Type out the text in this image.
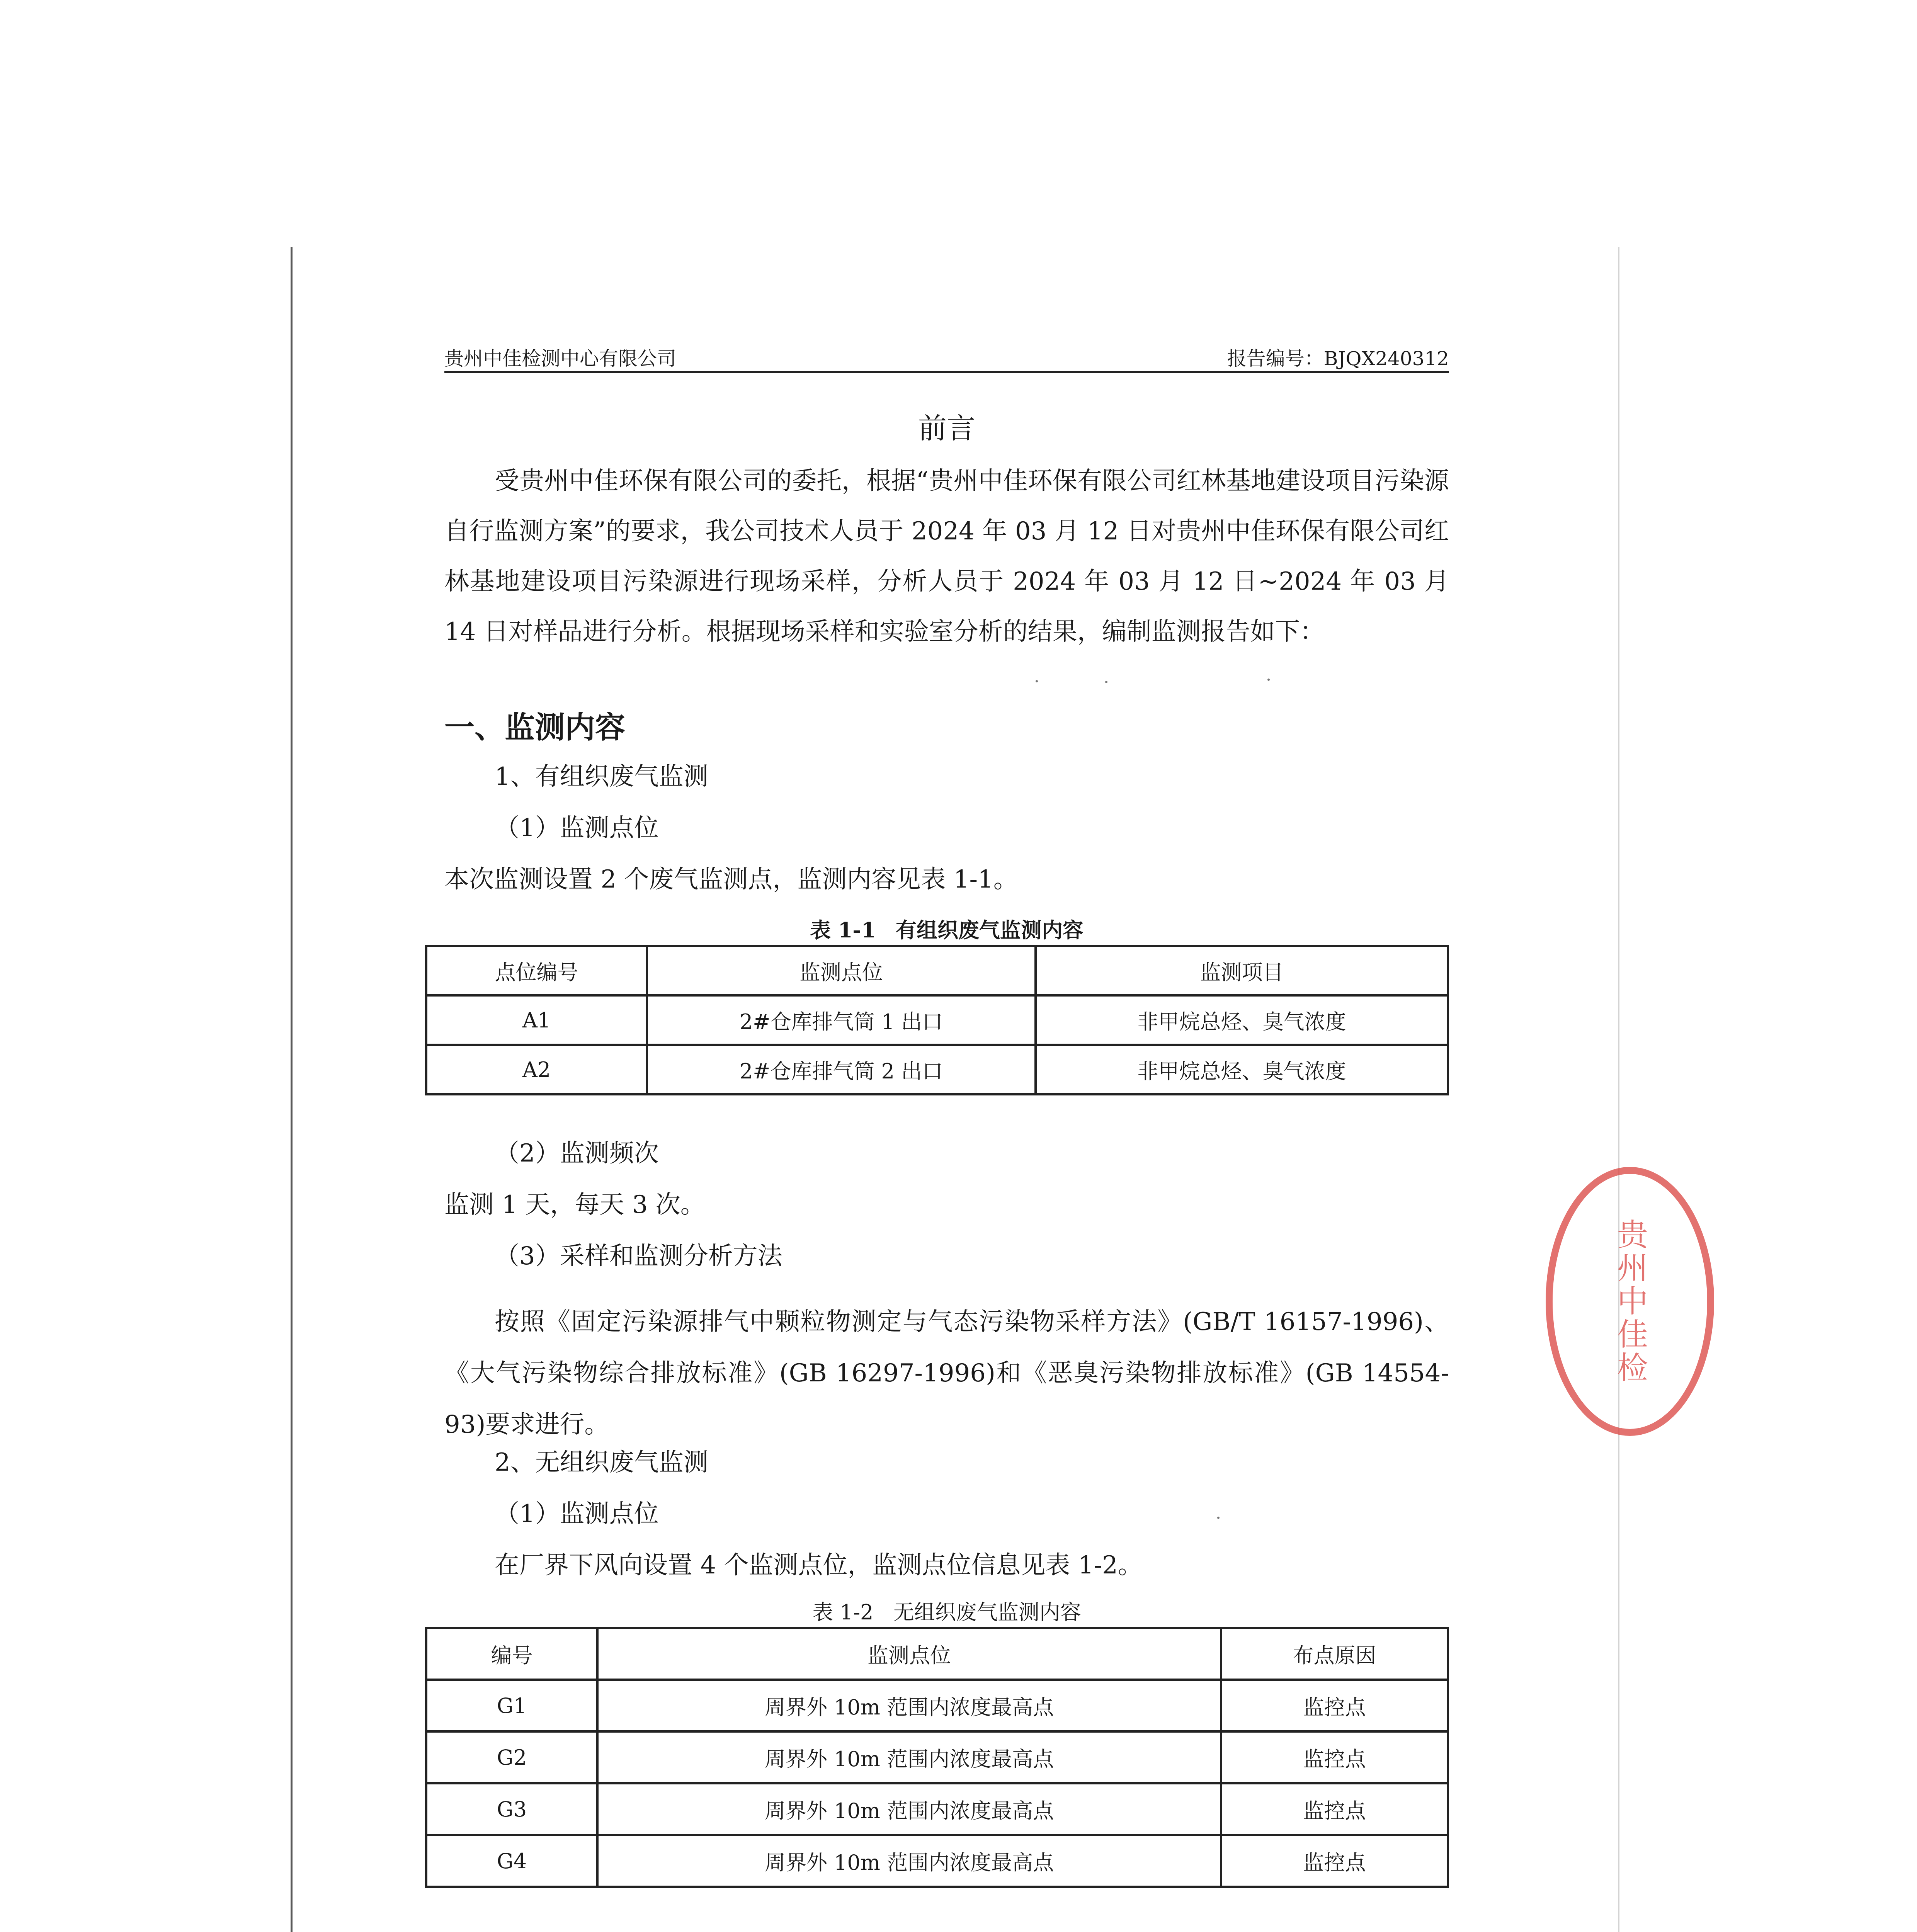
贵州中佳检测中心有限公司	报告编号：BJQX240312
前言
受贵州中佳环保有限公司的委托，根据“贵州中佳环保有限公司红林基地建设项目污染源自行监测方案”的要求，我公司技术人员于 2024 年 03 月 12 日对贵州中佳环保有限公司红林基地建设项目污染源进行现场采样，分析人员于 2024 年 03 月 12 日~2024 年 03 月 14 日对样品进行分析。根据现场采样和实验室分析的结果，编制监测报告如下：
一、监测内容
1、有组织废气监测
（1）监测点位
本次监测设置 2 个废气监测点，监测内容见表 1-1。
表 1-1 有组织废气监测内容
点位编号	监测点位	监测项目
A1	2#仓库排气筒 1 出口	非甲烷总烃、臭气浓度
A2	2#仓库排气筒 2 出口	非甲烷总烃、臭气浓度
（2）监测频次
监测 1 天，每天 3 次。
（3）采样和监测分析方法
按照《固定污染源排气中颗粒物测定与气态污染物采样方法》(GB/T 16157-1996)、《大气污染物综合排放标准》(GB 16297-1996)和《恶臭污染物排放标准》(GB 14554-93)要求进行。
2、无组织废气监测
（1）监测点位
在厂界下风向设置 4 个监测点位，监测点位信息见表 1-2。
表 1-2 无组织废气监测内容
编号	监测点位	布点原因
G1	周界外 10m 范围内浓度最高点	监控点
G2	周界外 10m 范围内浓度最高点	监控点
G3	周界外 10m 范围内浓度最高点	监控点
G4	周界外 10m 范围内浓度最高点	监控点
贵州中佳检
